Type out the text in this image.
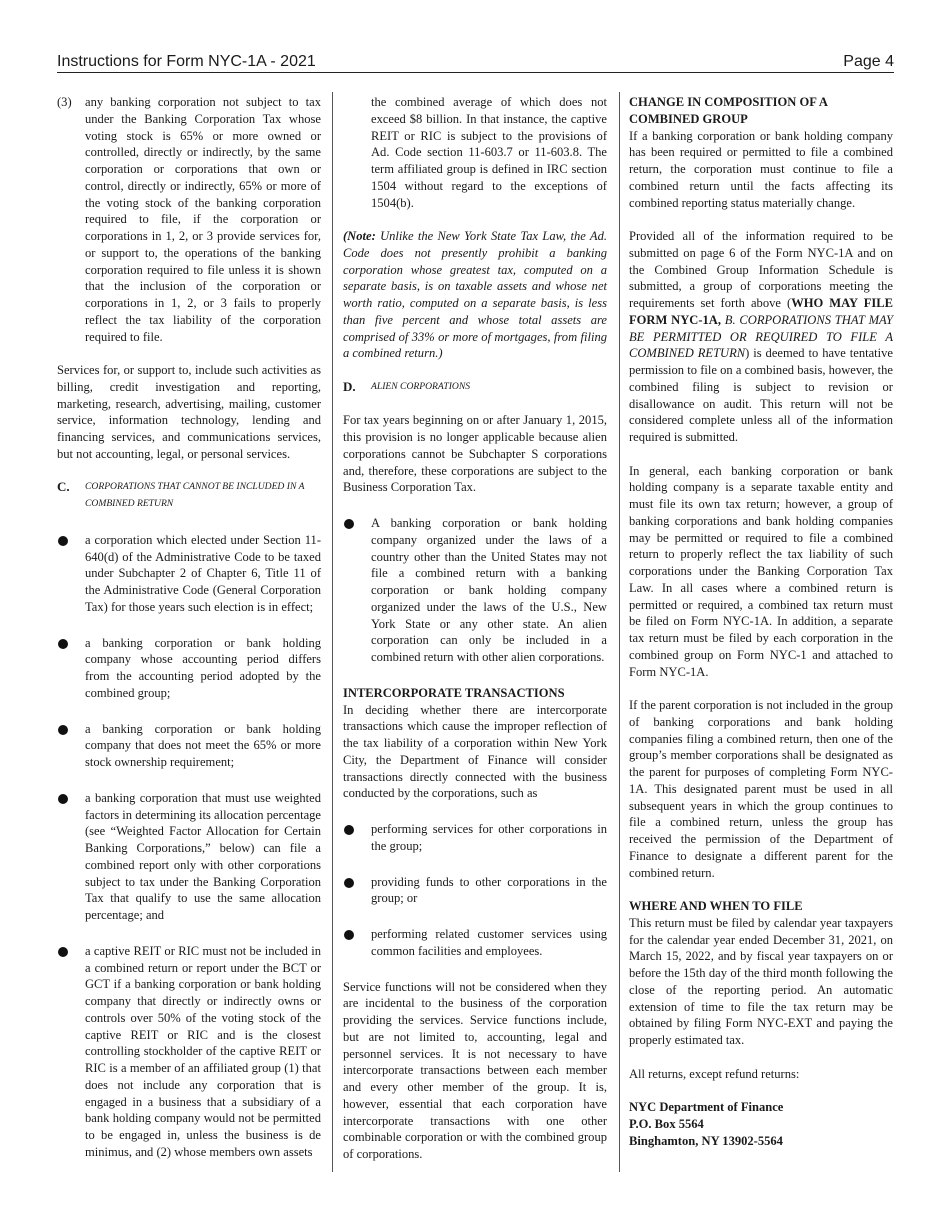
Instructions for Form NYC-1A - 2021	Page 4

(3) any banking corporation not subject to tax under the Banking Corporation Tax whose voting stock is 65% or more owned or controlled, directly or indirectly, by the same corporation or corporations that own or control, directly or indirectly, 65% or more of the voting stock of the banking corporation required to file, if the corporation or corporations in 1, 2, or 3 provide services for, or support to, the operations of the banking corporation required to file unless it is shown that the inclusion of the corporation or corporations in 1, 2, or 3 fails to properly reflect the tax liability of the corporation required to file.

Services for, or support to, include such activities as billing, credit investigation and reporting, marketing, research, advertising, mailing, customer service, information technology, lending and financing services, and communications services, but not accounting, legal, or personal services.

C. CORPORATIONS THAT CANNOT BE INCLUDED IN A COMBINED RETURN

a corporation which elected under Section 11-640(d) of the Administrative Code to be taxed under Subchapter 2 of Chapter 6, Title 11 of the Administrative Code (General Corporation Tax) for those years such election is in effect;

a banking corporation or bank holding company whose accounting period differs from the accounting period adopted by the combined group;

a banking corporation or bank holding company that does not meet the 65% or more stock ownership requirement;

a banking corporation that must use weighted factors in determining its allocation percentage (see “Weighted Factor Allocation for Certain Banking Corporations,” below) can file a combined report only with other corporations subject to tax under the Banking Corporation Tax that qualify to use the same allocation percentage; and

a captive REIT or RIC must not be included in a combined return or report under the BCT or GCT if a banking corporation or bank holding company that directly or indirectly owns or controls over 50% of the voting stock of the captive REIT or RIC and is the closest controlling stockholder of the captive REIT or RIC is a member of an affiliated group (1) that does not include any corporation that is engaged in a business that a subsidiary of a bank holding company would not be permitted to be engaged in, unless the business is de minimus, and (2) whose members own assets

the combined average of which does not exceed $8 billion. In that instance, the captive REIT or RIC is subject to the provisions of Ad. Code section 11-603.7 or 11-603.8. The term affiliated group is defined in IRC section 1504 without regard to the exceptions of 1504(b).

(Note: Unlike the New York State Tax Law, the Ad. Code does not presently prohibit a banking corporation whose greatest tax, computed on a separate basis, is on taxable assets and whose net worth ratio, computed on a separate basis, is less than five percent and whose total assets are comprised of 33% or more of mortgages, from filing a combined return.)

D. ALIEN CORPORATIONS

For tax years beginning on or after January 1, 2015, this provision is no longer applicable because alien corporations cannot be Subchapter S corporations and, therefore, these corporations are subject to the Business Corporation Tax.

A banking corporation or bank holding company organized under the laws of a country other than the United States may not file a combined return with a banking corporation or bank holding company organized under the laws of the U.S., New York State or any other state. An alien corporation can only be included in a combined return with other alien corporations.

INTERCORPORATE TRANSACTIONS

In deciding whether there are intercorporate transactions which cause the improper reflection of the tax liability of a corporation within New York City, the Department of Finance will consider transactions directly connected with the business conducted by the corporations, such as

performing services for other corporations in the group;

providing funds to other corporations in the group; or

performing related customer services using common facilities and employees.

Service functions will not be considered when they are incidental to the business of the corporation providing the services. Service functions include, but are not limited to, accounting, legal and personnel services. It is not necessary to have intercorporate transactions between each member and every other member of the group. It is, however, essential that each corporation have intercorporate transactions with one other combinable corporation or with the combined group of corporations.

CHANGE IN COMPOSITION OF A COMBINED GROUP

If a banking corporation or bank holding company has been required or permitted to file a combined return, the corporation must continue to file a combined return until the facts affecting its combined reporting status materially change.

Provided all of the information required to be submitted on page 6 of the Form NYC-1A and on the Combined Group Information Schedule is submitted, a group of corporations meeting the requirements set forth above (WHO MAY FILE FORM NYC-1A, B. CORPORATIONS THAT MAY BE PERMITTED OR REQUIRED TO FILE A COMBINED RETURN) is deemed to have tentative permission to file on a combined basis, however, the combined filing is subject to revision or disallowance on audit. This return will not be considered complete unless all of the information required is submitted.

In general, each banking corporation or bank holding company is a separate taxable entity and must file its own tax return; however, a group of banking corporations and bank holding companies may be permitted or required to file a combined return to properly reflect the tax liability of such corporations under the Banking Corporation Tax Law. In all cases where a combined return is permitted or required, a combined tax return must be filed on Form NYC-1A. In addition, a separate tax return must be filed by each corporation in the combined group on Form NYC-1 and attached to Form NYC-1A.

If the parent corporation is not included in the group of banking corporations and bank holding companies filing a combined return, then one of the group’s member corporations shall be designated as the parent for purposes of completing Form NYC-1A. This designated parent must be used in all subsequent years in which the group continues to file a combined return, unless the group has received the permission of the Department of Finance to designate a different parent for the combined return.

WHERE AND WHEN TO FILE

This return must be filed by calendar year taxpayers for the calendar year ended December 31, 2021, on March 15, 2022, and by fiscal year taxpayers on or before the 15th day of the third month following the close of the reporting period. An automatic extension of time to file the tax return may be obtained by filing Form NYC-EXT and paying the properly estimated tax.

All returns, except refund returns:

NYC Department of Finance
P.O. Box 5564
Binghamton, NY 13902-5564
